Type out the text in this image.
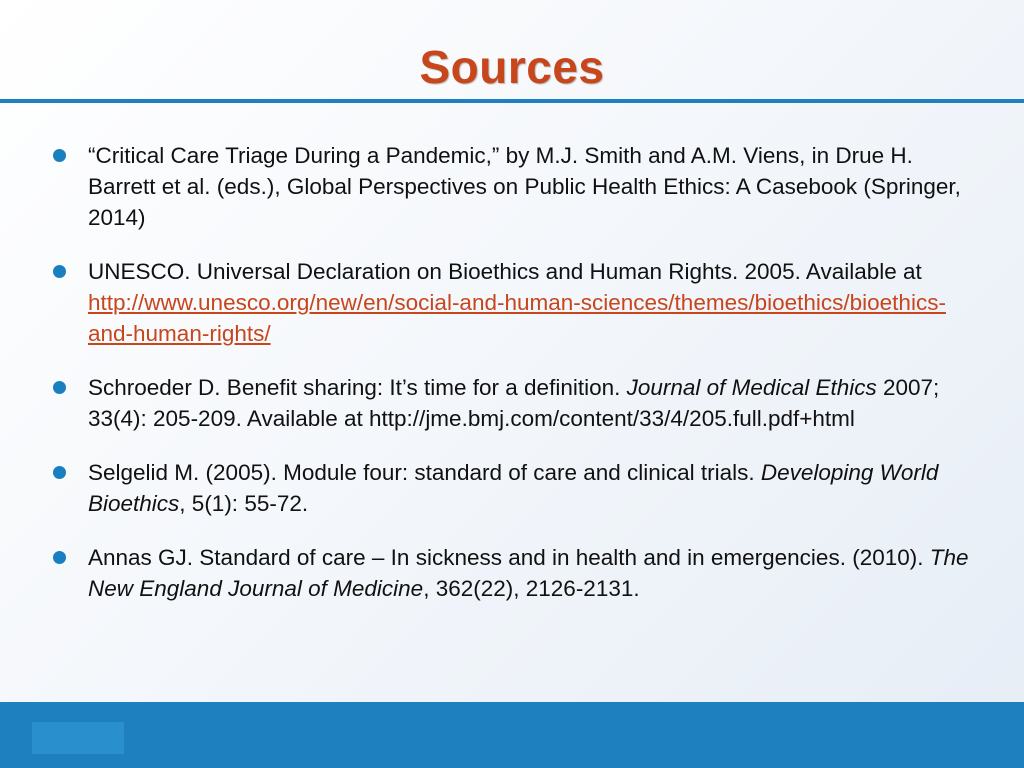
Sources
“Critical Care Triage During a Pandemic,” by M.J. Smith and A.M. Viens, in Drue H. Barrett et al. (eds.), Global Perspectives on Public Health Ethics: A Casebook (Springer, 2014)
UNESCO. Universal Declaration on Bioethics and Human Rights. 2005. Available at http://www.unesco.org/new/en/social-and-human-sciences/themes/bioethics/bioethics-and-human-rights/
Schroeder D. Benefit sharing: It’s time for a definition. Journal of Medical Ethics 2007; 33(4): 205-209. Available at http://jme.bmj.com/content/33/4/205.full.pdf+html
Selgelid M. (2005). Module four: standard of care and clinical trials. Developing World Bioethics, 5(1): 55-72.
Annas GJ. Standard of care – In sickness and in health and in emergencies. (2010). The New England Journal of Medicine, 362(22), 2126-2131.
